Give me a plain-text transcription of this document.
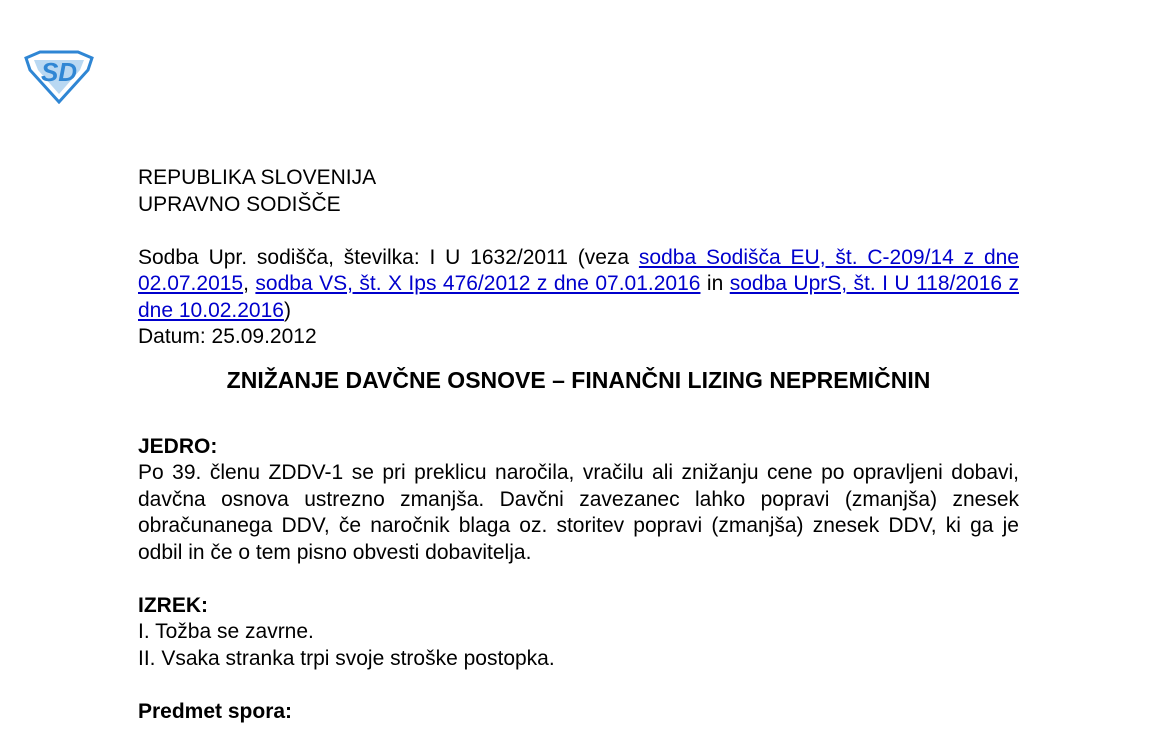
SD
REPUBLIKA SLOVENIJA
UPRAVNO SODIŠČE
Sodba Upr. sodišča, številka: I U 1632/2011 (veza sodba Sodišča EU, št. C-209/14 z dne 02.07.2015, sodba VS, št. X Ips 476/2012 z dne 07.01.2016 in sodba UprS, št. I U 118/2016 z dne 10.02.2016)
Datum: 25.09.2012
ZNIŽANJE DAVČNE OSNOVE – FINANČNI LIZING NEPREMIČNIN
JEDRO:
Po 39. členu ZDDV-1 se pri preklicu naročila, vračilu ali znižanju cene po opravljeni dobavi, davčna osnova ustrezno zmanjša. Davčni zavezanec lahko popravi (zmanjša) znesek obračunanega DDV, če naročnik blaga oz. storitev popravi (zmanjša) znesek DDV, ki ga je odbil in če o tem pisno obvesti dobavitelja.
IZREK:
I. Tožba se zavrne.
II. Vsaka stranka trpi svoje stroške postopka.
Predmet spora:
